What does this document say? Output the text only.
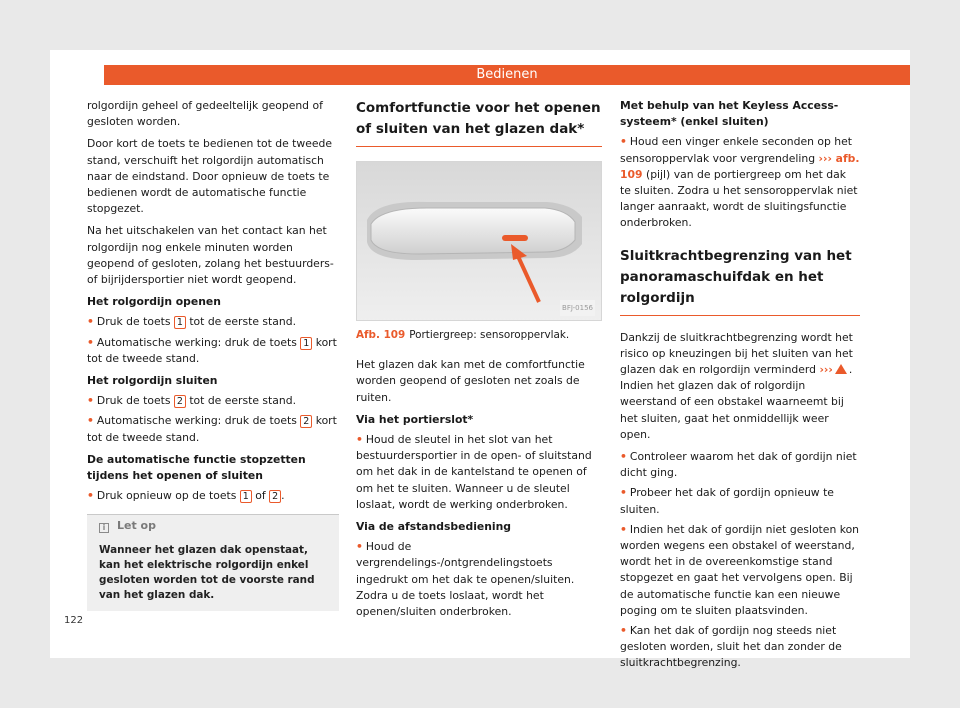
Bedienen

rolgordijn geheel of gedeeltelijk geopend of gesloten worden.

Door kort de toets te bedienen tot de tweede stand, verschuift het rolgordijn automatisch naar de eindstand. Door opnieuw de toets te bedienen wordt de automatische functie stopgezet.

Na het uitschakelen van het contact kan het rolgordijn nog enkele minuten worden geopend of gesloten, zolang het bestuurders- of bijrijdersportier niet wordt geopend.

Het rolgordijn openen
• Druk de toets 1 tot de eerste stand.
• Automatische werking: druk de toets 1 kort tot de tweede stand.
Het rolgordijn sluiten
• Druk de toets 2 tot de eerste stand.
• Automatische werking: druk de toets 2 kort tot de tweede stand.
De automatische functie stopzetten tijdens het openen of sluiten
• Druk opnieuw op de toets 1 of 2 .
i Let op
Wanneer het glazen dak openstaat, kan het elektrische rolgordijn enkel gesloten worden tot de voorste rand van het glazen dak.
Comfortfunctie voor het openen of sluiten van het glazen dak*
BFJ-0156
Afb. 109 Portiergreep: sensoroppervlak.

Het glazen dak kan met de comfortfunctie worden geopend of gesloten net zoals de ruiten.

Via het portierslot*
• Houd de sleutel in het slot van het bestuurdersportier in de open- of sluitstand om het dak in de kantelstand te openen of om het te sluiten. Wanneer u de sleutel loslaat, wordt de werking onderbroken.
Via de afstandsbediening
• Houd de vergrendelings-/ontgrendelingstoets ingedrukt om het dak te openen/sluiten. Zodra u de toets loslaat, wordt het openen/sluiten onderbroken.
Met behulp van het Keyless Access-systeem* (enkel sluiten)
• Houd een vinger enkele seconden op het sensoroppervlak voor vergrendeling ››› afb. 109 (pijl) van de portiergreep om het dak te sluiten. Zodra u het sensoroppervlak niet langer aanraakt, wordt de sluitingsfunctie onderbroken.
Sluitkrachtbegrenzing van het panoramaschuifdak en het rolgordijn

Dankzij de sluitkrachtbegrenzing wordt het risico op kneuzingen bij het sluiten van het glazen dak en rolgordijn verminderd ››› . Indien het glazen dak of rolgordijn weerstand of een obstakel waarneemt bij het sluiten, gaat het onmiddellijk weer open.

• Controleer waarom het dak of gordijn niet dicht ging.
• Probeer het dak of gordijn opnieuw te sluiten.
• Indien het dak of gordijn niet gesloten kon worden wegens een obstakel of weerstand, wordt het in de overeenkomstige stand stopgezet en gaat het vervolgens open. Bij de automatische functie kan een nieuwe poging om te sluiten plaatsvinden.
• Kan het dak of gordijn nog steeds niet gesloten worden, sluit het dan zonder de sluitkrachtbegrenzing.
122
